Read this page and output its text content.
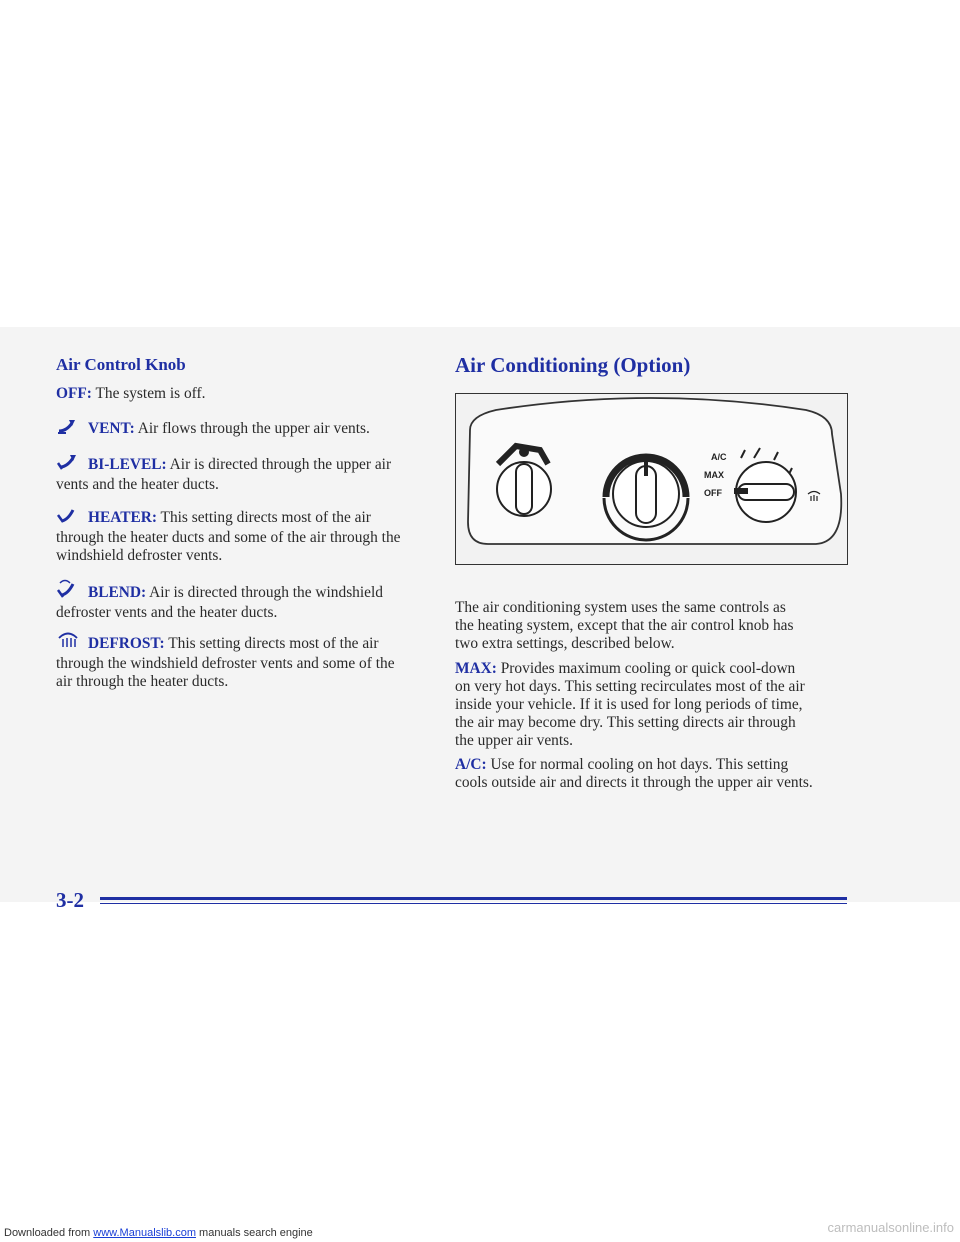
Air Control Knob
OFF: The system is off.
VENT: Air flows through the upper air vents.
BI-LEVEL: Air is directed through the upper air
vents and the heater ducts.
HEATER: This setting directs most of the air
through the heater ducts and some of the air through the
windshield defroster vents.
BLEND: Air is directed through the windshield
defroster vents and the heater ducts.
DEFROST: This setting directs most of the air
through the windshield defroster vents and some of the
air through the heater ducts.
Air Conditioning (Option)
A/C
MAX
OFF
The air conditioning system uses the same controls as
the heating system, except that the air control knob has
two extra settings, described below.
MAX: Provides maximum cooling or quick cool-down
on very hot days. This setting recirculates most of the air
inside your vehicle. If it is used for long periods of time,
the air may become dry. This setting directs air through
the upper air vents.
A/C: Use for normal cooling on hot days. This setting
cools outside air and directs it through the upper air vents.
3-2
Downloaded from www.Manualslib.com manuals search engine	carmanualsonline.info
